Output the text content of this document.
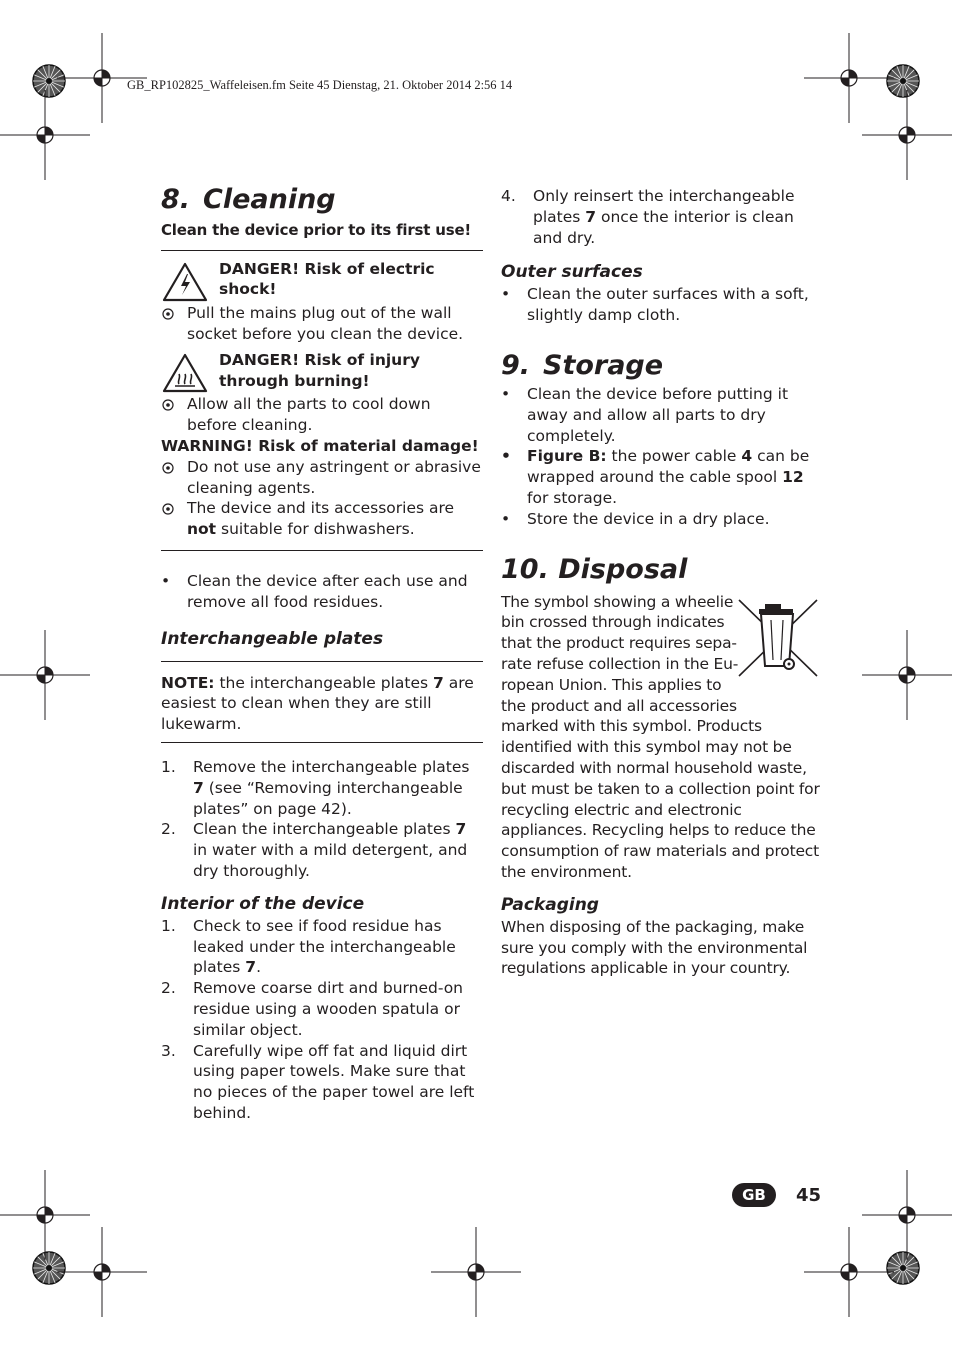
GB_RP102825_Waffeleisen.fm Seite 45 Dienstag, 21. Oktober 2014 2:56 14
8. Cleaning

Clean the device prior to its first use!

DANGER! Risk of electric shock!
Pull the mains plug out of the wall socket before you clean the device.
DANGER! Risk of injury through burning!
Allow all the parts to cool down before cleaning.

WARNING! Risk of material damage!

Do not use any astringent or abrasive cleaning agents.
The device and its accessories are not suitable for dishwashers.
• Clean the device after each use and remove all food residues.
Interchangeable plates

NOTE: the interchangeable plates 7 are easiest to clean when they are still lukewarm.

1. Remove the interchangeable plates 7 (see “Removing interchangeable plates” on page 42).
2. Clean the interchangeable plates 7 in water with a mild detergent, and dry thoroughly.
Interior of the device
1. Check to see if food residue has leaked under the interchangeable plates 7.
2. Remove coarse dirt and burned-on residue using a wooden spatula or similar object.
3. Carefully wipe off fat and liquid dirt using paper towels. Make sure that no pieces of the paper towel are left behind.
4. Only reinsert the interchangeable plates 7 once the interior is clean and dry.
Outer surfaces
• Clean the outer surfaces with a soft, slightly damp cloth.
9. Storage
• Clean the device before putting it away and allow all parts to dry completely.
• Figure B: the power cable 4 can be wrapped around the cable spool 12 for storage.
• Store the device in a dry place.
10. Disposal
The symbol showing a wheelie
bin crossed through indicates
that the product requires sepa-
rate refuse collection in the Eu-
ropean Union. This applies to
the product and all accessories

marked with this symbol. Products identified with this symbol may not be discarded with normal household waste, but must be taken to a collection point for recycling electric and electronic appliances. Recycling helps to reduce the consumption of raw materials and protect the environment.

Packaging

When disposing of the packaging, make sure you comply with the environmental regulations applicable in your country.

GB	45
